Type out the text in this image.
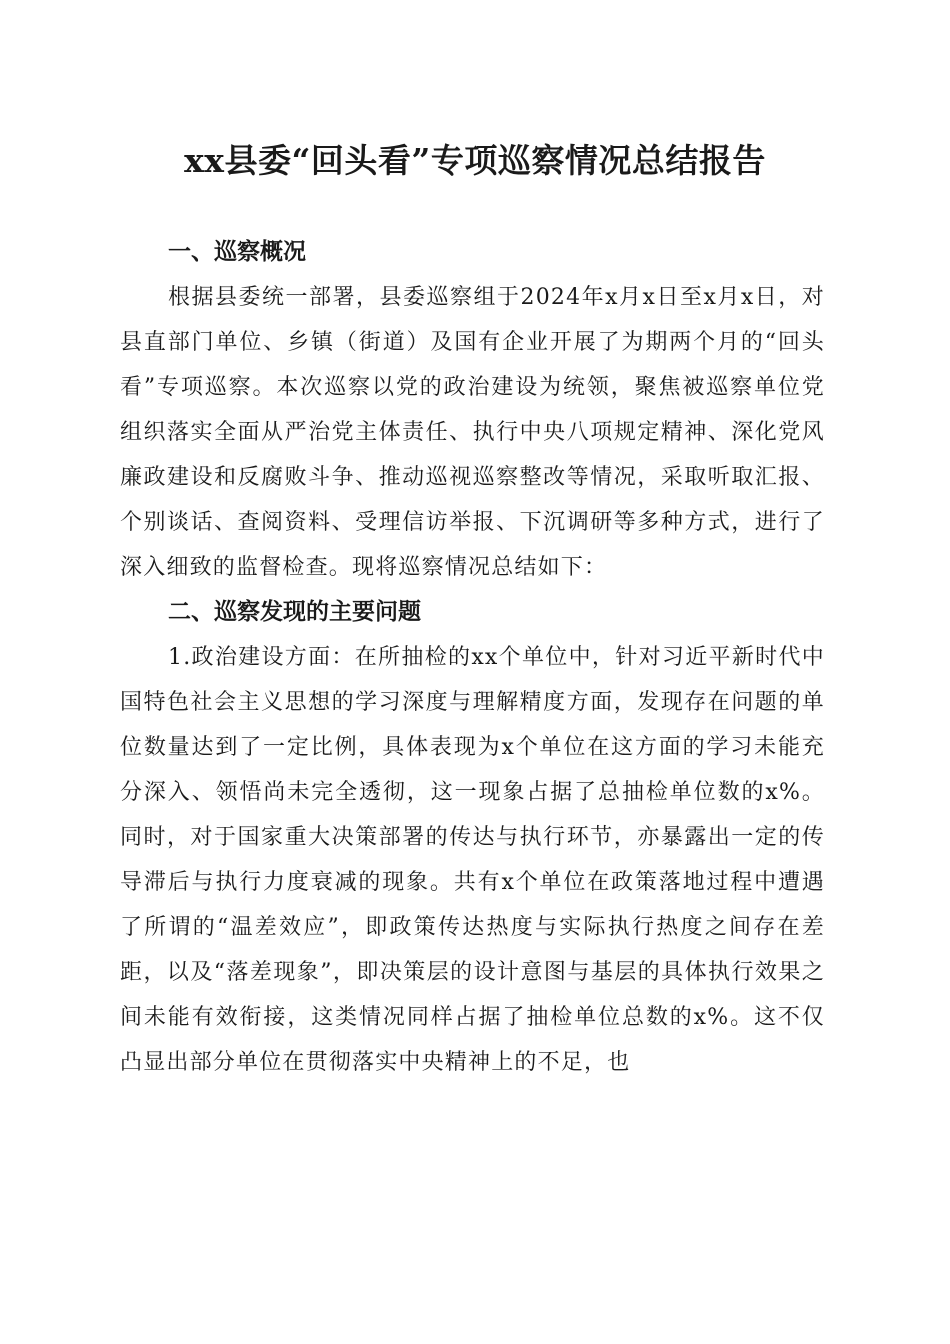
xx县委“回头看”专项巡察情况总结报告
一、巡察概况

根据县委统一部署，县委巡察组于2024年x月x日至x月x日，对县直部门单位、乡镇（街道）及国有企业开展了为期两个月的“回头看”专项巡察。本次巡察以党的政治建设为统领，聚焦被巡察单位党组织落实全面从严治党主体责任、执行中央八项规定精神、深化党风廉政建设和反腐败斗争、推动巡视巡察整改等情况，采取听取汇报、个别谈话、查阅资料、受理信访举报、下沉调研等多种方式，进行了深入细致的监督检查。现将巡察情况总结如下：

二、巡察发现的主要问题

1.政治建设方面：在所抽检的xx个单位中，针对习近平新时代中国特色社会主义思想的学习深度与理解精度方面，发现存在问题的单位数量达到了一定比例，具体表现为x个单位在这方面的学习未能充分深入、领悟尚未完全透彻，这一现象占据了总抽检单位数的x%。同时，对于国家重大决策部署的传达与执行环节，亦暴露出一定的传导滞后与执行力度衰减的现象。共有x个单位在政策落地过程中遭遇了所谓的“温差效应”，即政策传达热度与实际执行热度之间存在差距，以及“落差现象”，即决策层的设计意图与基层的具体执行效果之间未能有效衔接，这类情况同样占据了抽检单位总数的x%。这不仅凸显出部分单位在贯彻落实中央精神上的不足，也
